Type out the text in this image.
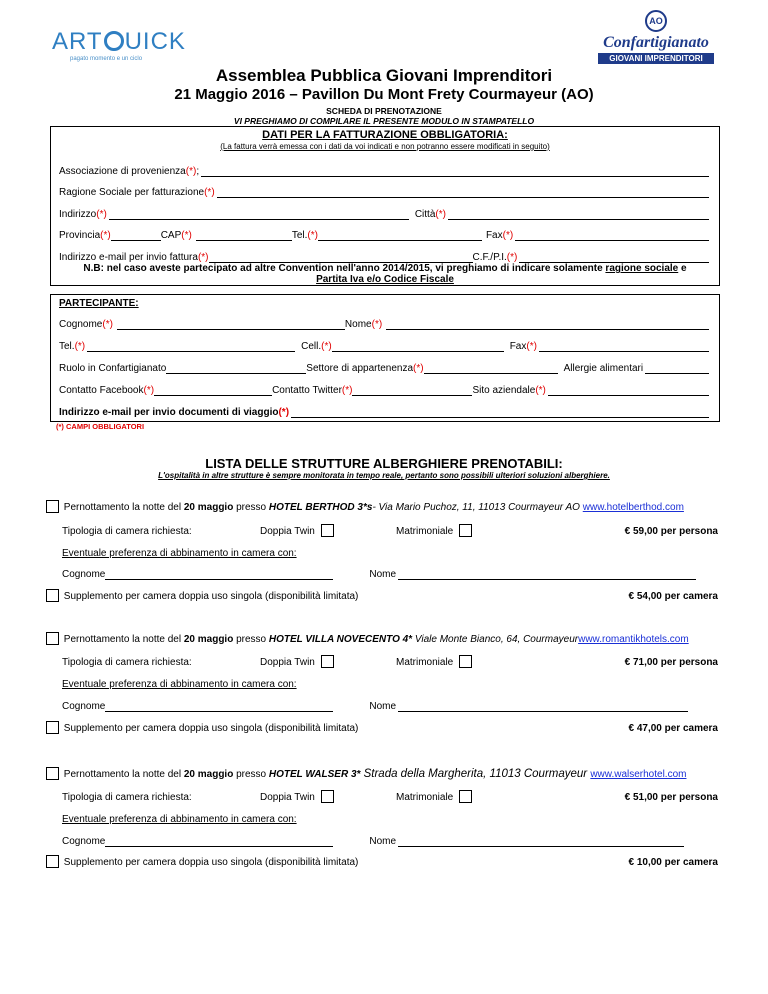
ART UICK
pagato momento e un ciclo
AO
Confartigianato
GIOVANI IMPRENDITORI
Assemblea Pubblica Giovani Imprenditori
21 Maggio 2016 – Pavillon Du Mont Frety Courmayeur (AO)
SCHEDA DI PRENOTAZIONE
VI PREGHIAMO DI COMPILARE IL PRESENTE MODULO IN STAMPATELLO
DATI PER LA FATTURAZIONE OBBLIGATORIA:
(La fattura verrà emessa con i dati da voi indicati e non potranno essere modificati in seguito)
Associazione di provenienza (*) ;
Ragione Sociale per fatturazione (*)
Indirizzo (*)	Città (*)
Provincia (*)	CAP (*)	Tel. (*)	Fax (*)
Indirizzo e-mail per invio fattura (*)	C.F./P.I. (*)
N.B: nel caso aveste partecipato ad altre Convention nell'anno 2014/2015, vi preghiamo di indicare solamente ragione sociale e
Partita Iva e/o Codice Fiscale
PARTECIPANTE:
Cognome (*)	Nome (*)
Tel. (*)	Cell. (*)	Fax (*)
Ruolo in Confartigianato	Settore di appartenenza (*)	Allergie alimentari
Contatto Facebook (*)	Contatto Twitter (*)	Sito aziendale (*)
Indirizzo e-mail per invio documenti di viaggio (*)
(*) CAMPI OBBLIGATORI
LISTA DELLE STRUTTURE ALBERGHIERE PRENOTABILI:
L'ospitalità in altre strutture è sempre monitorata in tempo reale, pertanto sono possibili ulteriori soluzioni alberghiere.
Pernottamento la notte del 20 maggio presso HOTEL BERTHOD 3*s- Via Mario Puchoz, 11, 11013 Courmayeur AO www.hotelberthod.com
Tipologia di camera richiesta:	Doppia Twin	Matrimoniale	€ 59,00 per persona
Eventuale preferenza di abbinamento in camera con:
Cognome	Nome
Supplemento per camera doppia uso singola (disponibilità limitata)	€ 54,00 per camera
Pernottamento la notte del 20 maggio presso HOTEL VILLA NOVECENTO 4* Viale Monte Bianco, 64, Courmayeurwww.romantikhotels.com
Tipologia di camera richiesta:	Doppia Twin	Matrimoniale	€ 71,00 per persona
Eventuale preferenza di abbinamento in camera con:
Cognome	Nome
Supplemento per camera doppia uso singola (disponibilità limitata)	€ 47,00 per camera
Pernottamento la notte del 20 maggio presso HOTEL WALSER 3* Strada della Margherita, 11013 Courmayeur www.walserhotel.com
Tipologia di camera richiesta:	Doppia Twin	Matrimoniale	€ 51,00 per persona
Eventuale preferenza di abbinamento in camera con:
Cognome	Nome
Supplemento per camera doppia uso singola (disponibilità limitata)	€ 10,00 per camera
